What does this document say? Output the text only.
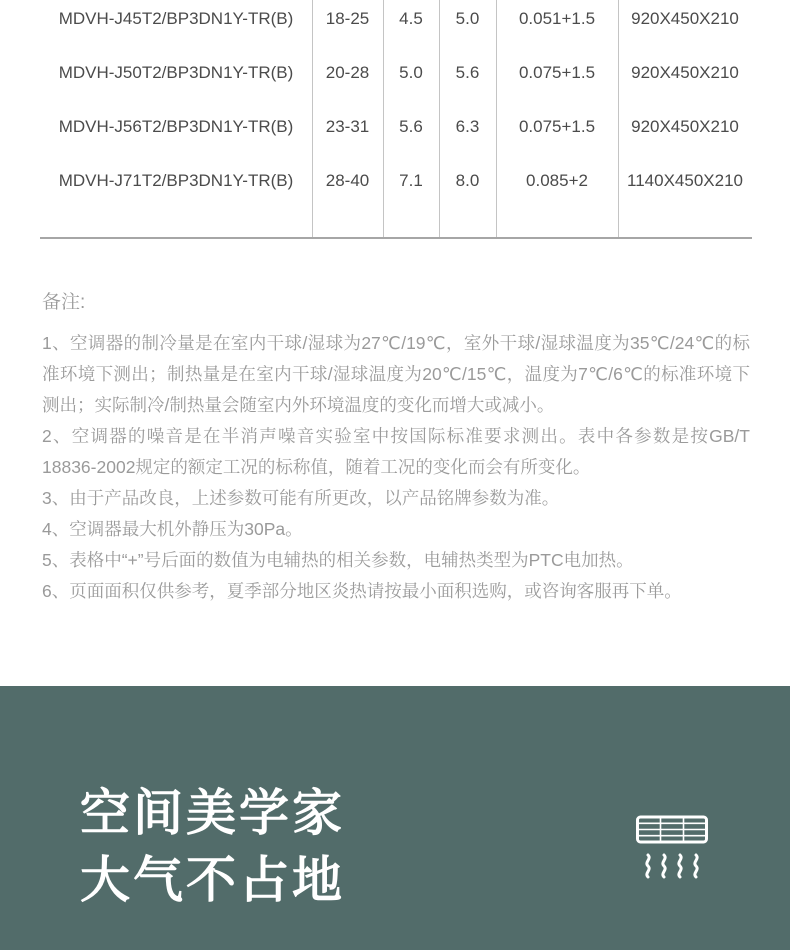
MDVH-J45T2/BP3DN1Y-TR(B)	18-25	4.5	5.0	0.051+1.5	920X450X210
MDVH-J50T2/BP3DN1Y-TR(B)	20-28	5.0	5.6	0.075+1.5	920X450X210
MDVH-J56T2/BP3DN1Y-TR(B)	23-31	5.6	6.3	0.075+1.5	920X450X210
MDVH-J71T2/BP3DN1Y-TR(B)	28-40	7.1	8.0	0.085+2	1140X450X210
备注:

1、空调器的制冷量是在室内干球/湿球为27℃/19℃，室外干球/湿球温度为35℃/24℃的标准环境下测出；制热量是在室内干球/湿球温度为20℃/15℃，温度为7℃/6℃的标准环境下测出；实际制冷/制热量会随室内外环境温度的变化而增大或减小。

2、空调器的噪音是在半消声噪音实验室中按国际标准要求测出。表中各参数是按GB/T 18836-2002规定的额定工况的标称值，随着工况的变化而会有所变化。

3、由于产品改良，上述参数可能有所更改，以产品铭牌参数为准。

4、空调器最大机外静压为30Pa。

5、表格中“+”号后面的数值为电辅热的相关参数，电辅热类型为PTC电加热。

6、页面面积仅供参考，夏季部分地区炎热请按最小面积选购，或咨询客服再下单。

空间美学家
大气不占地
